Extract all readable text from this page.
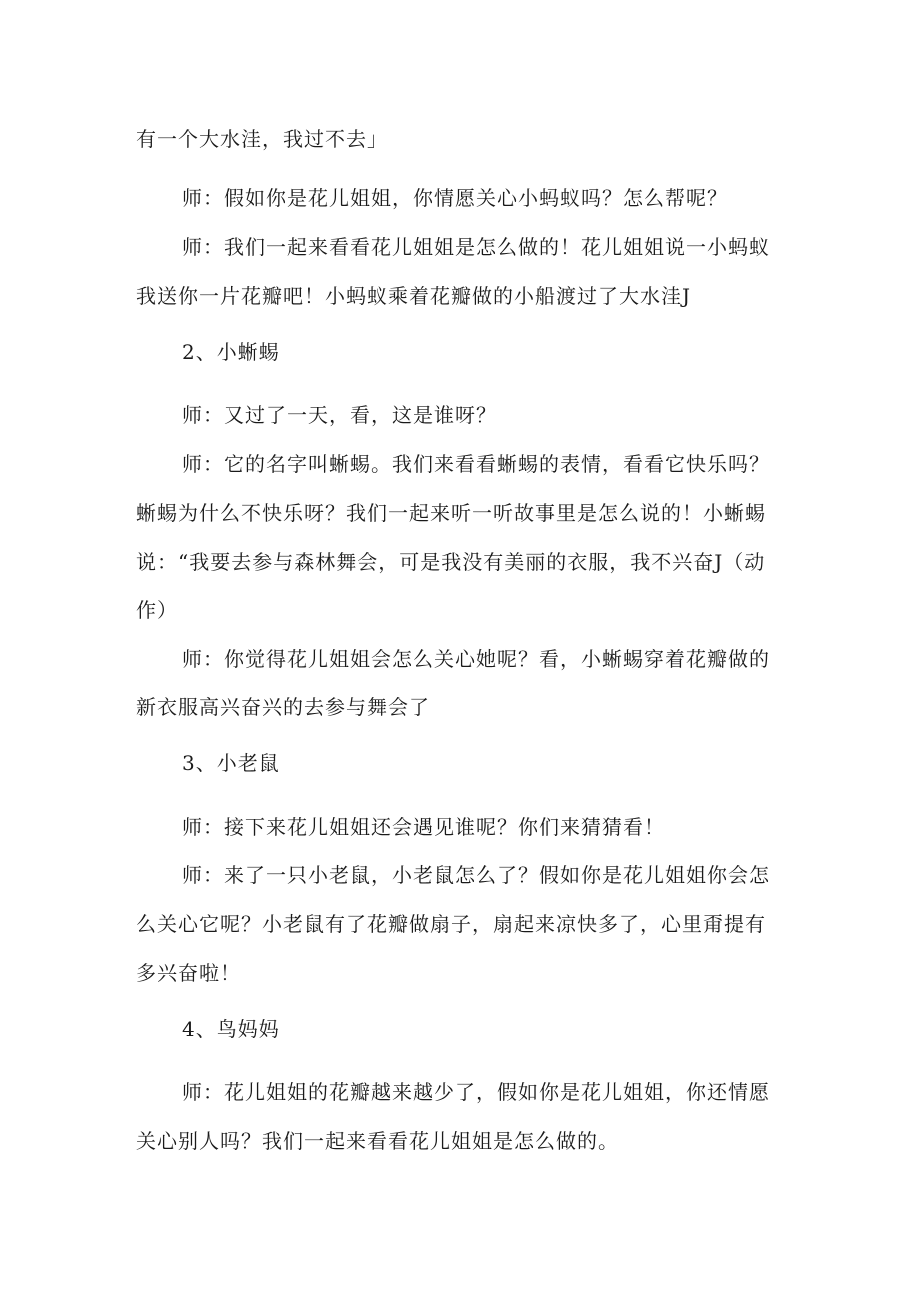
有一个大水洼，我过不去」
师：假如你是花儿姐姐，你情愿关心小蚂蚁吗？怎么帮呢？
师：我们一起来看看花儿姐姐是怎么做的！花儿姐姐说一小蚂蚁
我送你一片花瓣吧！小蚂蚁乘着花瓣做的小船渡过了大水洼J
2、小蜥蜴
师：又过了一天，看，这是谁呀？
师：它的名字叫蜥蜴。我们来看看蜥蜴的表情，看看它快乐吗？
蜥蜴为什么不快乐呀？我们一起来听一听故事里是怎么说的！小蜥蜴
说：“我要去参与森林舞会，可是我没有美丽的衣服，我不兴奋J（动
作）
师：你觉得花儿姐姐会怎么关心她呢？看，小蜥蜴穿着花瓣做的
新衣服高兴奋兴的去参与舞会了
3、小老鼠
师：接下来花儿姐姐还会遇见谁呢？你们来猜猜看！
师：来了一只小老鼠，小老鼠怎么了？假如你是花儿姐姐你会怎
么关心它呢？小老鼠有了花瓣做扇子，扇起来凉快多了，心里甭提有
多兴奋啦！
4、鸟妈妈
师：花儿姐姐的花瓣越来越少了，假如你是花儿姐姐，你还情愿
关心别人吗？我们一起来看看花儿姐姐是怎么做的。
